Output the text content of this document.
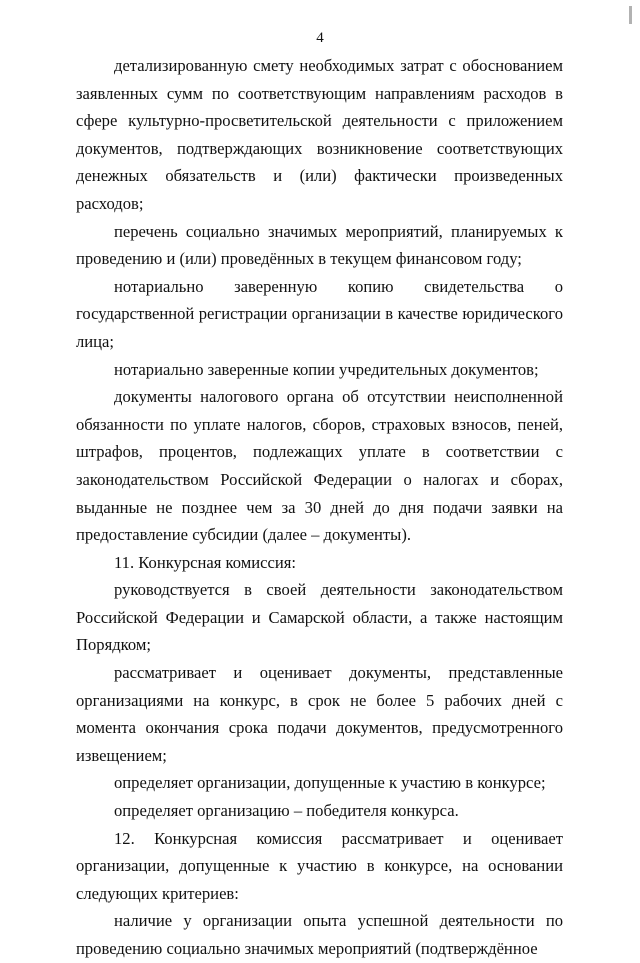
4

детализированную смету необходимых затрат с обоснованием заявленных сумм по соответствующим направлениям расходов в сфере культурно-просветительской деятельности с приложением документов, подтверждающих возникновение соответствующих денежных обязательств и (или) фактически произведенных расходов;

перечень социально значимых мероприятий, планируемых к проведению и (или) проведённых в текущем финансовом году;

нотариально заверенную копию свидетельства о государственной регистрации организации в качестве юридического лица;

нотариально заверенные копии учредительных документов;

документы налогового органа об отсутствии неисполненной обязанности по уплате налогов, сборов, страховых взносов, пеней, штрафов, процентов, подлежащих уплате в соответствии с законодательством Российской Федерации о налогах и сборах, выданные не позднее чем за 30 дней до дня подачи заявки на предоставление субсидии (далее – документы).

11. Конкурсная комиссия:

руководствуется в своей деятельности законодательством Российской Федерации и Самарской области, а также настоящим Порядком;

рассматривает и оценивает документы, представленные организациями на конкурс, в срок не более 5 рабочих дней с момента окончания срока подачи документов, предусмотренного извещением;

определяет организации, допущенные к участию в конкурсе;

определяет организацию – победителя конкурса.

12. Конкурсная комиссия рассматривает и оценивает организации, допущенные к участию в конкурсе, на основании следующих критериев:

наличие у организации опыта успешной деятельности по проведению социально значимых мероприятий (подтверждённое
